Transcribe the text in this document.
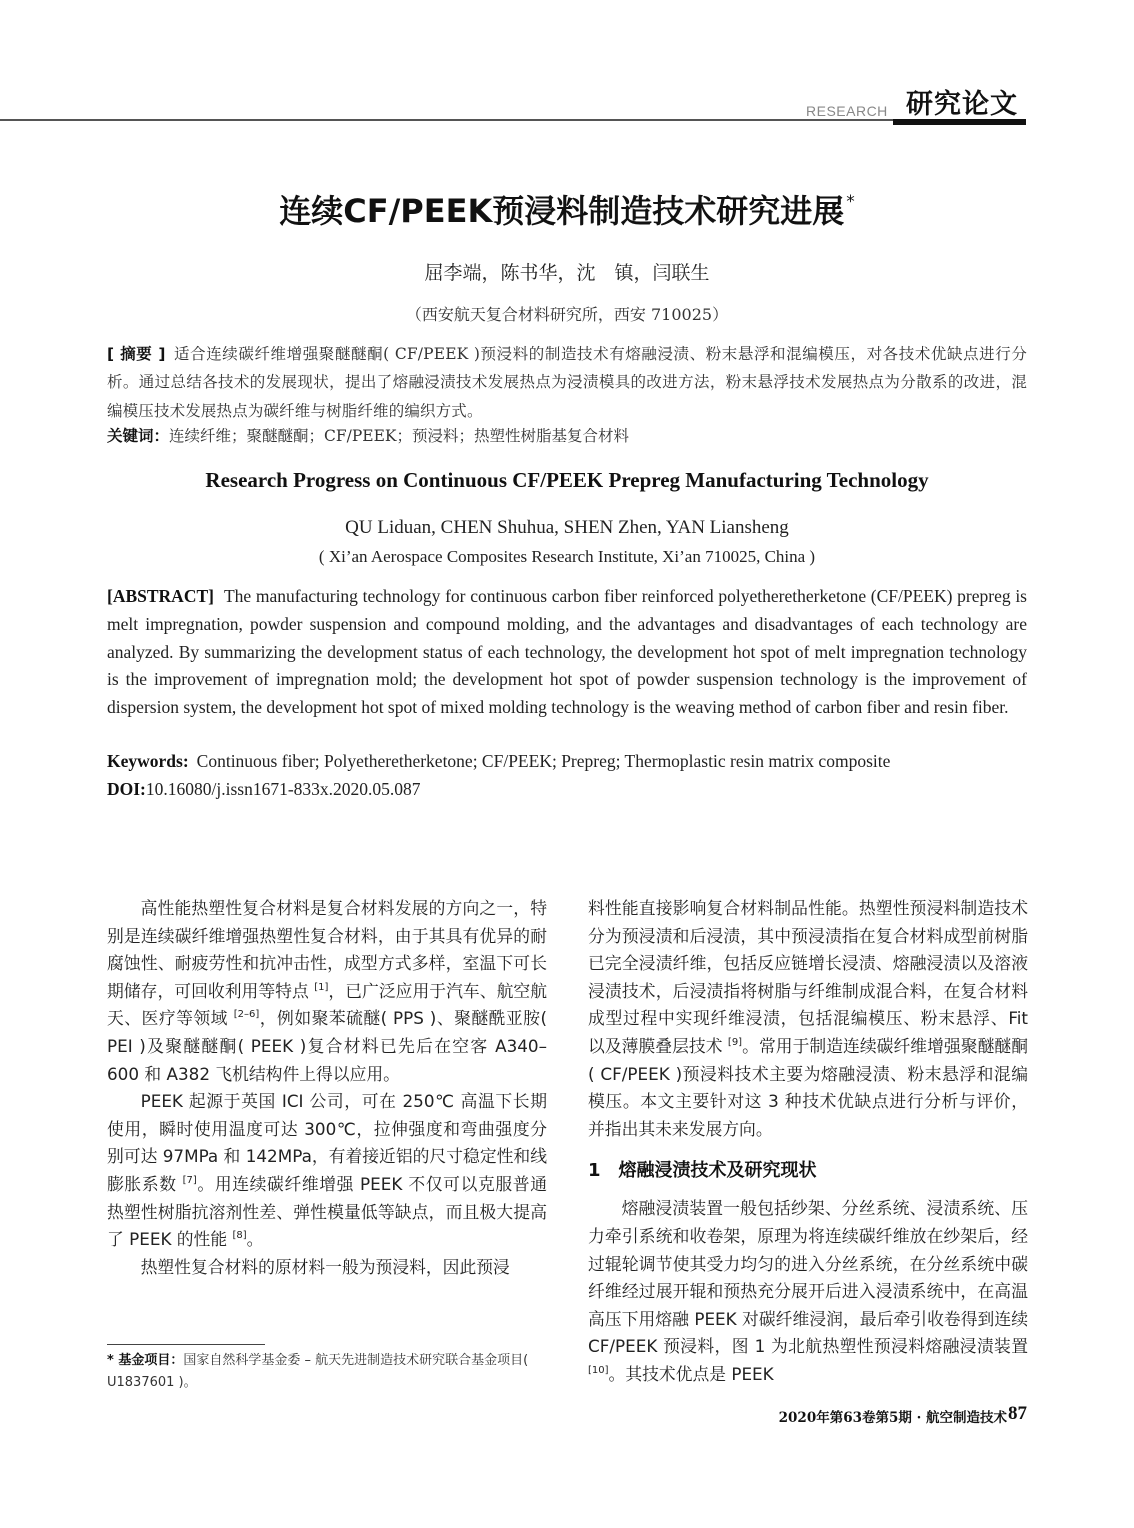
RESEARCH 研究论文
连续CF/PEEK预浸料制造技术研究进展 *
屈李端，陈书华，沈　镇，闫联生
（西安航天复合材料研究所，西安 710025）
[ 摘要 ] 适合连续碳纤维增强聚醚醚酮( CF/PEEK )预浸料的制造技术有熔融浸渍、粉末悬浮和混编模压，对各技术优缺点进行分析。通过总结各技术的发展现状，提出了熔融浸渍技术发展热点为浸渍模具的改进方法，粉末悬浮技术发展热点为分散系的改进，混编模压技术发展热点为碳纤维与树脂纤维的编织方式。
关键词：连续纤维；聚醚醚酮；CF/PEEK；预浸料；热塑性树脂基复合材料
Research Progress on Continuous CF/PEEK Prepreg Manufacturing Technology
QU Liduan, CHEN Shuhua, SHEN Zhen, YAN Liansheng
( Xi’an Aerospace Composites Research Institute, Xi’an 710025, China )
[ABSTRACT] The manufacturing technology for continuous carbon fiber reinforced polyetheretherketone (CF/PEEK) prepreg is melt impregnation, powder suspension and compound molding, and the advantages and disadvantages of each technology are analyzed. By summarizing the development status of each technology, the development hot spot of melt impregnation technology is the improvement of impregnation mold; the development hot spot of powder suspension technology is the improvement of dispersion system, the development hot spot of mixed molding technology is the weaving method of carbon fiber and resin fiber.
Keywords: Continuous fiber; Polyetheretherketone; CF/PEEK; Prepreg; Thermoplastic resin matrix composite
DOI:10.16080/j.issn1671-833x.2020.05.087

高性能热塑性复合材料是复合材料发展的方向之一，特别是连续碳纤维增强热塑性复合材料，由于其具有优异的耐腐蚀性、耐疲劳性和抗冲击性，成型方式多样，室温下可长期储存，可回收利用等特点 [1]，已广泛应用于汽车、航空航天、医疗等领域 [2–6]，例如聚苯硫醚( PPS )、聚醚酰亚胺( PEI )及聚醚醚酮( PEEK )复合材料已先后在空客 A340–600 和 A382 飞机结构件上得以应用。

PEEK 起源于英国 ICI 公司，可在 250℃ 高温下长期使用，瞬时使用温度可达 300℃，拉伸强度和弯曲强度分别可达 97MPa 和 142MPa，有着接近铝的尺寸稳定性和线膨胀系数 [7]。用连续碳纤维增强 PEEK 不仅可以克服普通热塑性树脂抗溶剂性差、弹性模量低等缺点，而且极大提高了 PEEK 的性能 [8]。

热塑性复合材料的原材料一般为预浸料，因此预浸

* 基金项目：国家自然科学基金委 – 航天先进制造技术研究联合基金项目( U1837601 )。

料性能直接影响复合材料制品性能。热塑性预浸料制造技术分为预浸渍和后浸渍，其中预浸渍指在复合材料成型前树脂已完全浸渍纤维，包括反应链增长浸渍、熔融浸渍以及溶液浸渍技术，后浸渍指将树脂与纤维制成混合料，在复合材料成型过程中实现纤维浸渍，包括混编模压、粉末悬浮、Fit 以及薄膜叠层技术 [9]。常用于制造连续碳纤维增强聚醚醚酮( CF/PEEK )预浸料技术主要为熔融浸渍、粉末悬浮和混编模压。本文主要针对这 3 种技术优缺点进行分析与评价，并指出其未来发展方向。

1 熔融浸渍技术及研究现状

熔融浸渍装置一般包括纱架、分丝系统、浸渍系统、压力牵引系统和收卷架，原理为将连续碳纤维放在纱架后，经过辊轮调节使其受力均匀的进入分丝系统，在分丝系统中碳纤维经过展开辊和预热充分展开后进入浸渍系统中，在高温高压下用熔融 PEEK 对碳纤维浸润，最后牵引收卷得到连续 CF/PEEK 预浸料，图 1 为北航热塑性预浸料熔融浸渍装置 [10]。其技术优点是 PEEK

2020年第63卷第5期 · 航空制造技术 87
